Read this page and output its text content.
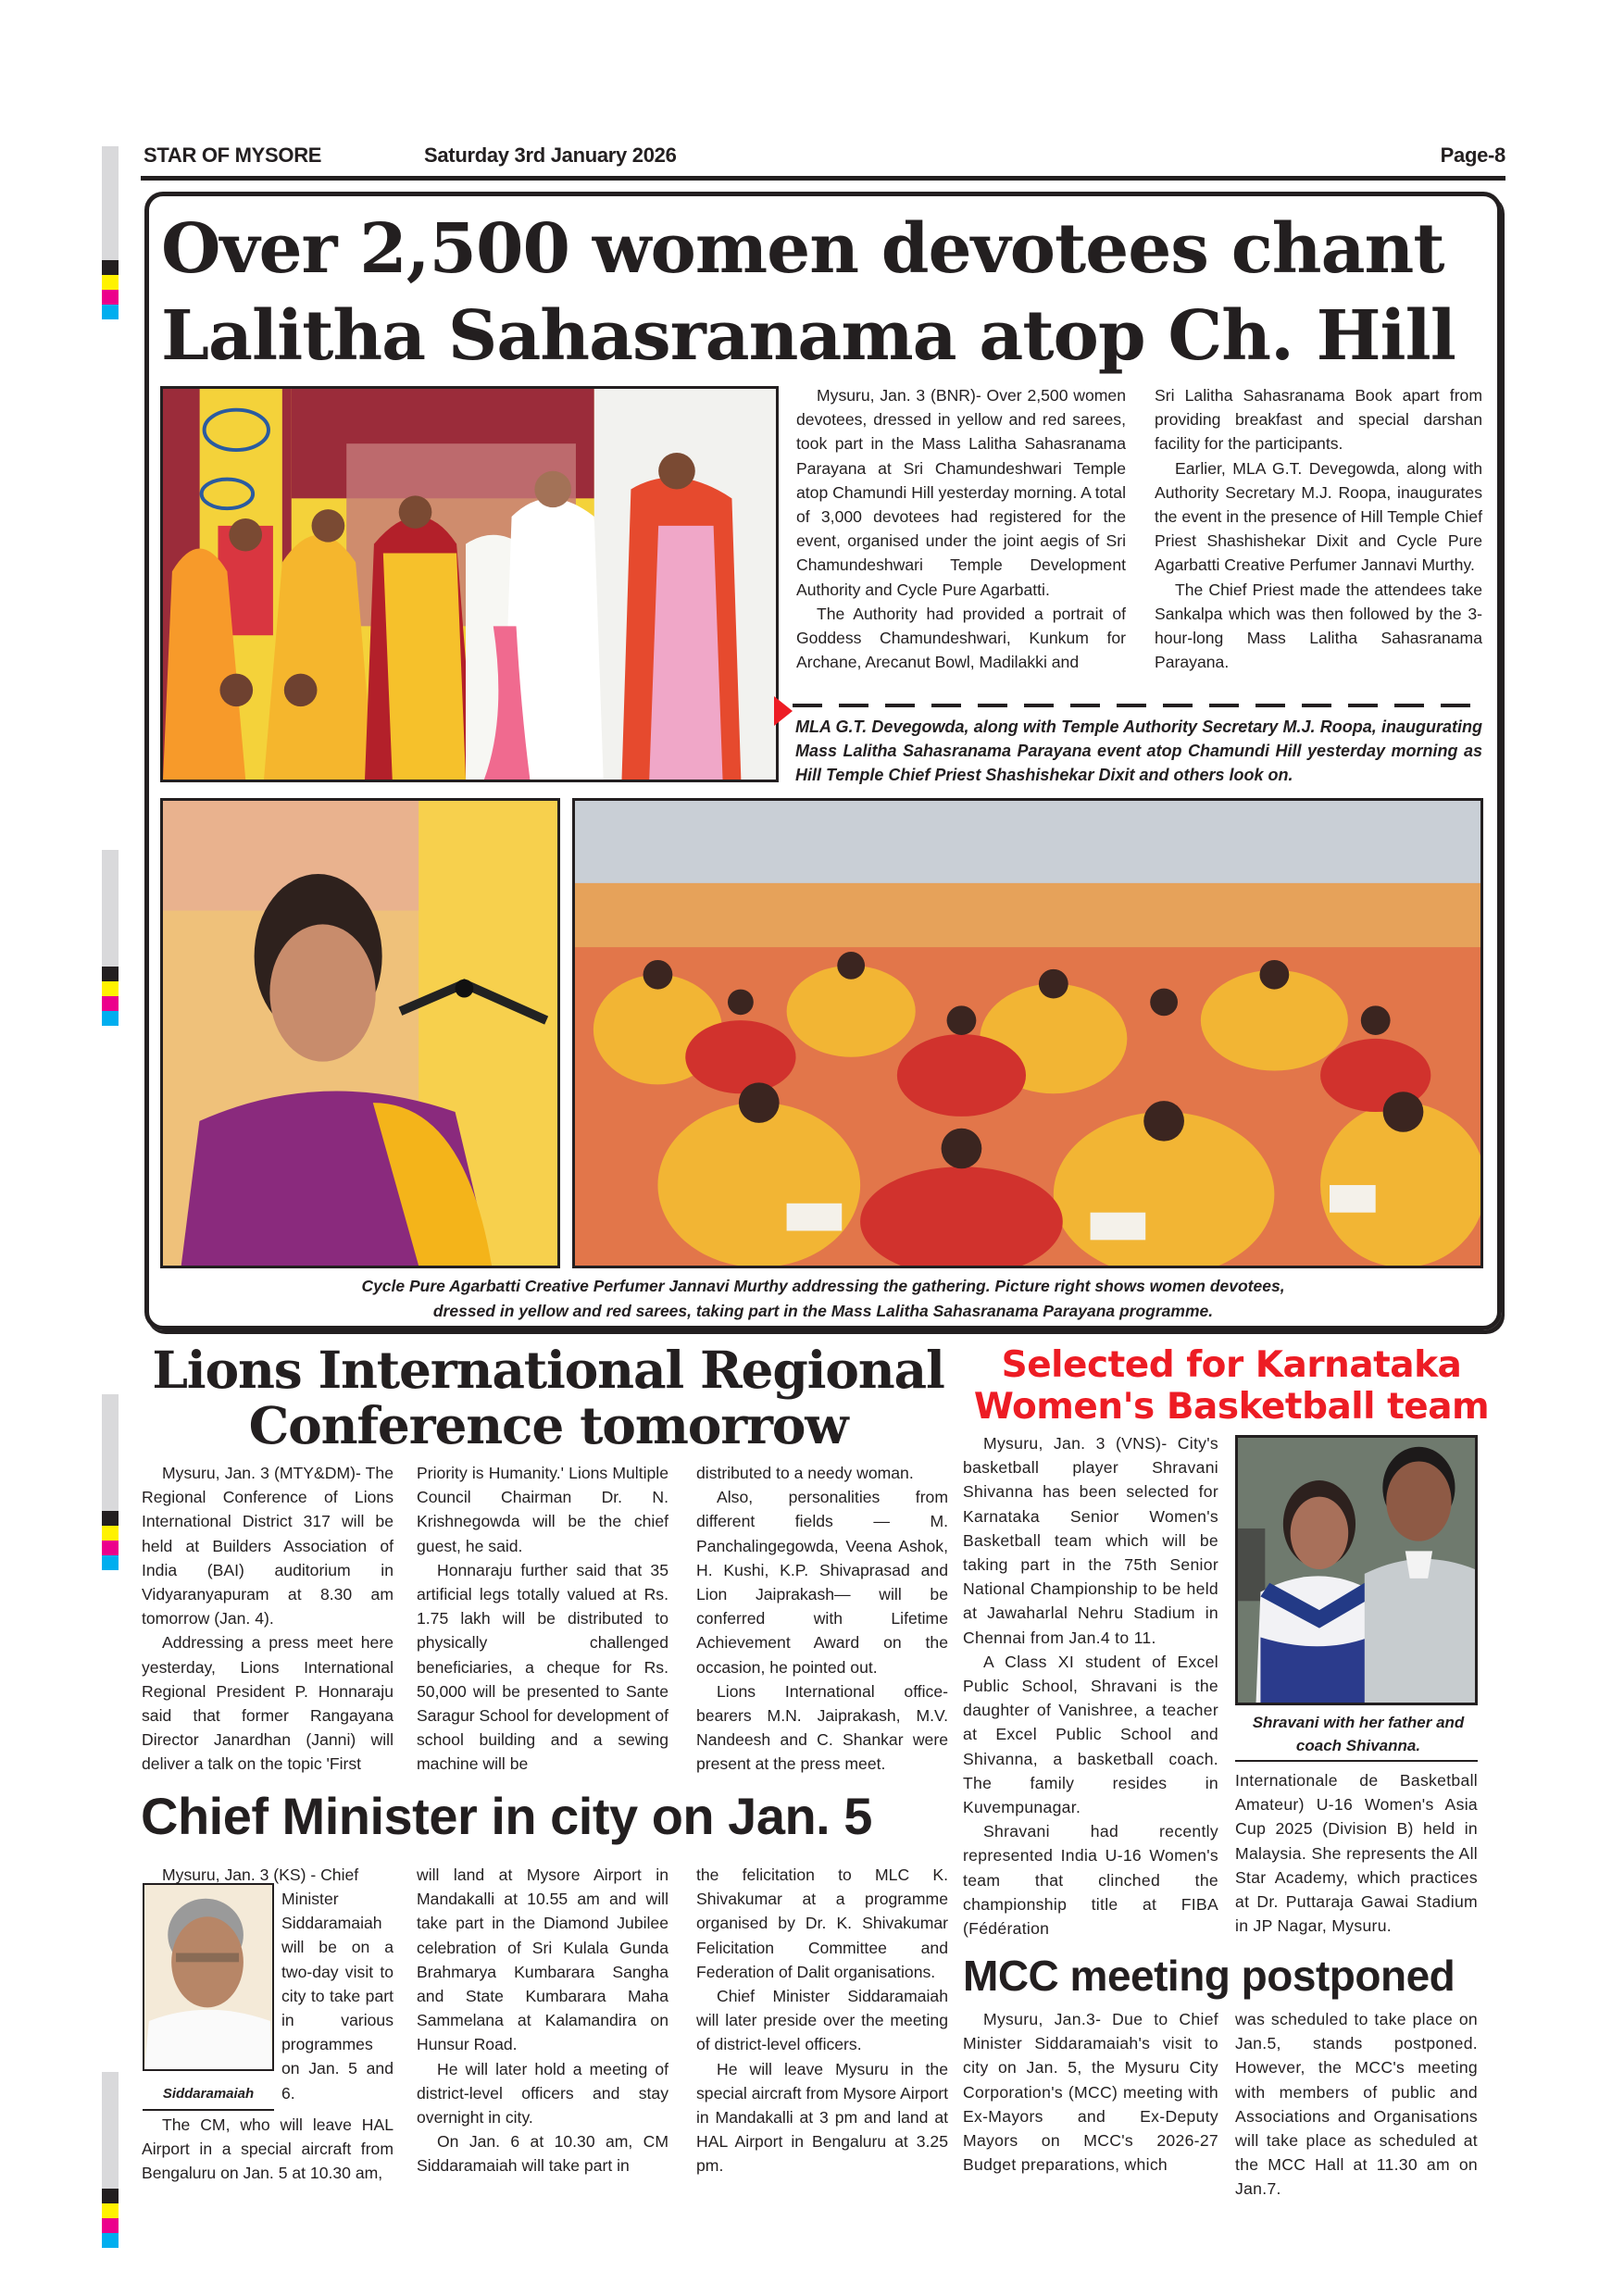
STAR OF MYSORE	Saturday 3rd January 2026	Page-8
Over 2,500 women devotees chant
Lalitha Sahasranama atop Ch. Hill

Mysuru, Jan. 3 (BNR)- Over 2,500 women devotees, dressed in yellow and red sarees, took part in the Mass Lalitha Sahasranama Parayana at Sri Chamundeshwari Temple atop Chamundi Hill yesterday morning. A total of 3,000 devotees had registered for the event, organised under the joint aegis of Sri Chamundeshwari Temple Development Authority and Cycle Pure Agarbatti.

The Authority had provided a portrait of Goddess Chamundeshwari, Kunkum for Archane, Arecanut Bowl, Madilakki and

Sri Lalitha Sahasranama Book apart from providing breakfast and special darshan facility for the participants.

Earlier, MLA G.T. Devegowda, along with Authority Secretary M.J. Roopa, inaugurates the event in the presence of Hill Temple Chief Priest Shashishekar Dixit and Cycle Pure Agarbatti Creative Perfumer Jannavi Murthy.

The Chief Priest made the attendees take Sankalpa which was then followed by the 3-hour-long Mass Lalitha Sahasranama Parayana.

MLA G.T. Devegowda, along with Temple Authority Secretary M.J. Roopa, inaugurating Mass Lalitha Sahasranama Parayana event atop Chamundi Hill yesterday morning as Hill Temple Chief Priest Shashishekar Dixit and others look on.
Cycle Pure Agarbatti Creative Perfumer Jannavi Murthy addressing the gathering. Picture right shows women devotees,
dressed in yellow and red sarees, taking part in the Mass Lalitha Sahasranama Parayana programme.
Lions International Regional
Conference tomorrow

Mysuru, Jan. 3 (MTY&DM)- The Regional Conference of Lions International District 317 will be held at Builders Association of India (BAI) auditorium in Vidyaranyapuram at 8.30 am tomorrow (Jan. 4).

Addressing a press meet here yesterday, Lions International Regional President P. Honnaraju said that former Rangayana Director Janardhan (Janni) will deliver a talk on the topic 'First

Priority is Humanity.' Lions Multiple Council Chairman Dr. N. Krishnegowda will be the chief guest, he said.

Honnaraju further said that 35 artificial legs totally valued at Rs. 1.75 lakh will be distributed to physically challenged beneficiaries, a cheque for Rs. 50,000 will be presented to Sante Saragur School for development of school building and a sewing machine will be

distributed to a needy woman.

Also, personalities from different fields — M. Panchalingegowda, Veena Ashok, H. Kushi, K.P. Shivaprasad and Lion Jaiprakash— will be conferred with Lifetime Achievement Award on the occasion, he pointed out.

Lions International office-bearers M.N. Jaiprakash, M.V. Nandeesh and C. Shankar were present at the press meet.

Selected for Karnataka
Women's Basketball team

Mysuru, Jan. 3 (VNS)- City's basketball player Shravani Shivanna has been selected for Karnataka Senior Women's Basketball team which will be taking part in the 75th Senior National Championship to be held at Jawaharlal Nehru Stadium in Chennai from Jan.4 to 11.

A Class XI student of Excel Public School, Shravani is the daughter of Vanishree, a teacher at Excel Public School and Shivanna, a basketball coach. The family resides in Kuvempunagar.

Shravani had recently represented India U-16 Women's team that clinched the championship title at FIBA (Fédération

Shravani with her father and coach Shivanna.

Internationale de Basketball Amateur) U-16 Women's Asia Cup 2025 (Division B) held in Malaysia. She represents the All Star Academy, which practices at Dr. Puttaraja Gawai Stadium in JP Nagar, Mysuru.

Chief Minister in city on Jan. 5

Mysuru, Jan. 3 (KS) - Chief

Siddaramaiah

Minister Siddaramaiah will be on a two-day visit to city to take part in various programmes on Jan. 5 and 6.

The CM, who will leave HAL Airport in a special aircraft from Bengaluru on Jan. 5 at 10.30 am,

will land at Mysore Airport in Mandakalli at 10.55 am and will take part in the Diamond Jubilee celebration of Sri Kulala Gunda Brahmarya Kumbarara Sangha and State Kumbarara Maha Sammelana at Kalamandira on Hunsur Road.

He will later hold a meeting of district-level officers and stay overnight in city.

On Jan. 6 at 10.30 am, CM Siddaramaiah will take part in

the felicitation to MLC K. Shivakumar at a programme organised by Dr. K. Shivakumar Felicitation Committee and Federation of Dalit organisations.

Chief Minister Siddaramaiah will later preside over the meeting of district-level officers.

He will leave Mysuru in the special aircraft from Mysore Airport in Mandakalli at 3 pm and land at HAL Airport in Bengaluru at 3.25 pm.

MCC meeting postponed

Mysuru, Jan.3- Due to Chief Minister Siddaramaiah's visit to city on Jan. 5, the Mysuru City Corporation's (MCC) meeting with Ex-Mayors and Ex-Deputy Mayors on MCC's 2026-27 Budget preparations, which

was scheduled to take place on Jan.5, stands postponed. However, the MCC's meeting with members of public and Associations and Organisations will take place as scheduled at the MCC Hall at 11.30 am on Jan.7.
